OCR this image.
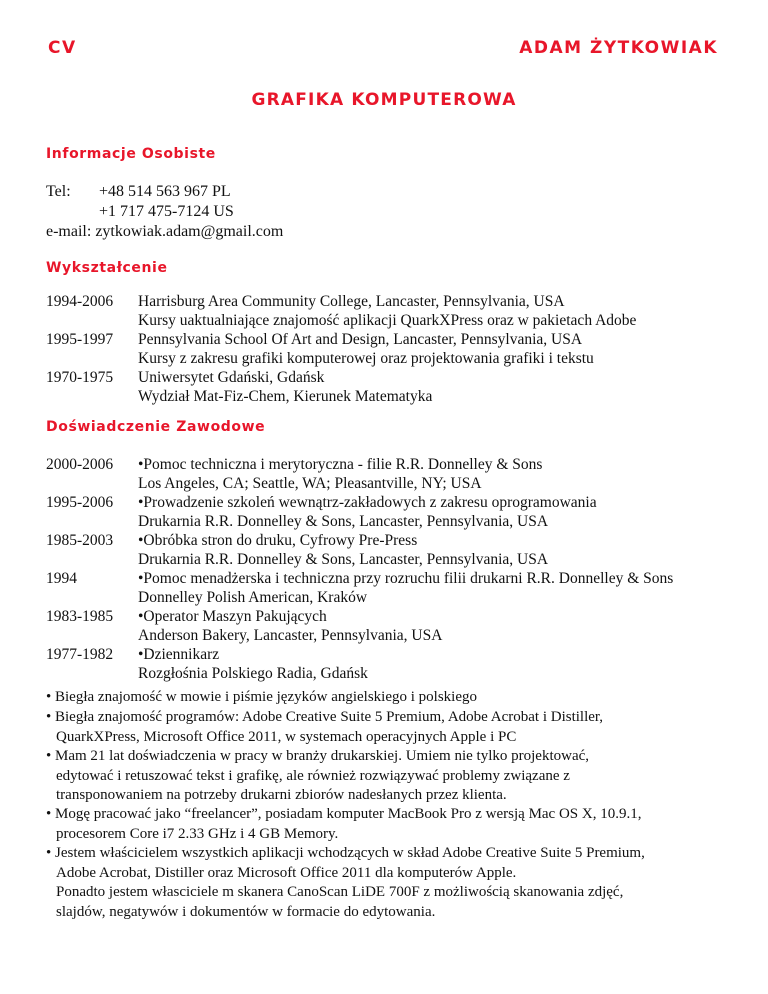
CV	ADAM ŻYTKOWIAK
GRAFIKA KOMPUTEROWA
Informacje Osobiste
Tel: +48 514 563 967 PL
+1 717 475-7124 US
e-mail: zytkowiak.adam@gmail.com
Wykształcenie
1994-2006 Harrisburg Area Community College, Lancaster, Pennsylvania, USA
Kursy uaktualniające znajomość aplikacji QuarkXPress oraz w pakietach Adobe
1995-1997 Pennsylvania School Of Art and Design, Lancaster, Pennsylvania, USA
Kursy z zakresu grafiki komputerowej oraz projektowania grafiki i tekstu
1970-1975 Uniwersytet Gdański, Gdańsk
Wydział Mat-Fiz-Chem, Kierunek Matematyka
Doświadczenie Zawodowe
2000-2006 •Pomoc techniczna i merytoryczna - filie R.R. Donnelley & Sons
Los Angeles, CA; Seattle, WA; Pleasantville, NY; USA
1995-2006 •Prowadzenie szkoleń wewnątrz-zakładowych z zakresu oprogramowania
Drukarnia R.R. Donnelley & Sons, Lancaster, Pennsylvania, USA
1985-2003 •Obróbka stron do druku, Cyfrowy Pre-Press
Drukarnia R.R. Donnelley & Sons, Lancaster, Pennsylvania, USA
1994	•Pomoc menadżerska i techniczna przy rozruchu filii drukarni R.R. Donnelley & Sons
Donnelley Polish American, Kraków
1983-1985 •Operator Maszyn Pakujących
Anderson Bakery, Lancaster, Pennsylvania, USA
1977-1982 •Dziennikarz
Rozgłośnia Polskiego Radia, Gdańsk
• Biegła znajomość w mowie i piśmie języków angielskiego i polskiego
• Biegła znajomość programów: Adobe Creative Suite 5 Premium, Adobe Acrobat i Distiller,
QuarkXPress, Microsoft Office 2011, w systemach operacyjnych Apple i PC
• Mam 21 lat doświadczenia w pracy w branży drukarskiej. Umiem nie tylko projektować,
edytować i retuszować tekst i grafikę, ale również rozwiązywać problemy związane z
transponowaniem na potrzeby drukarni zbiorów nadesłanych przez klienta.
• Mogę pracować jako “freelancer”, posiadam komputer MacBook Pro z wersją Mac OS X, 10.9.1,
procesorem Core i7 2.33 GHz i 4 GB Memory.
• Jestem właścicielem wszystkich aplikacji wchodzących w skład Adobe Creative Suite 5 Premium,
Adobe Acrobat, Distiller oraz Microsoft Office 2011 dla komputerów Apple.
Ponadto jestem własciciele m skanera CanoScan LiDE 700F z możliwością skanowania zdjęć,
slajdów, negatywów i dokumentów w formacie do edytowania.
